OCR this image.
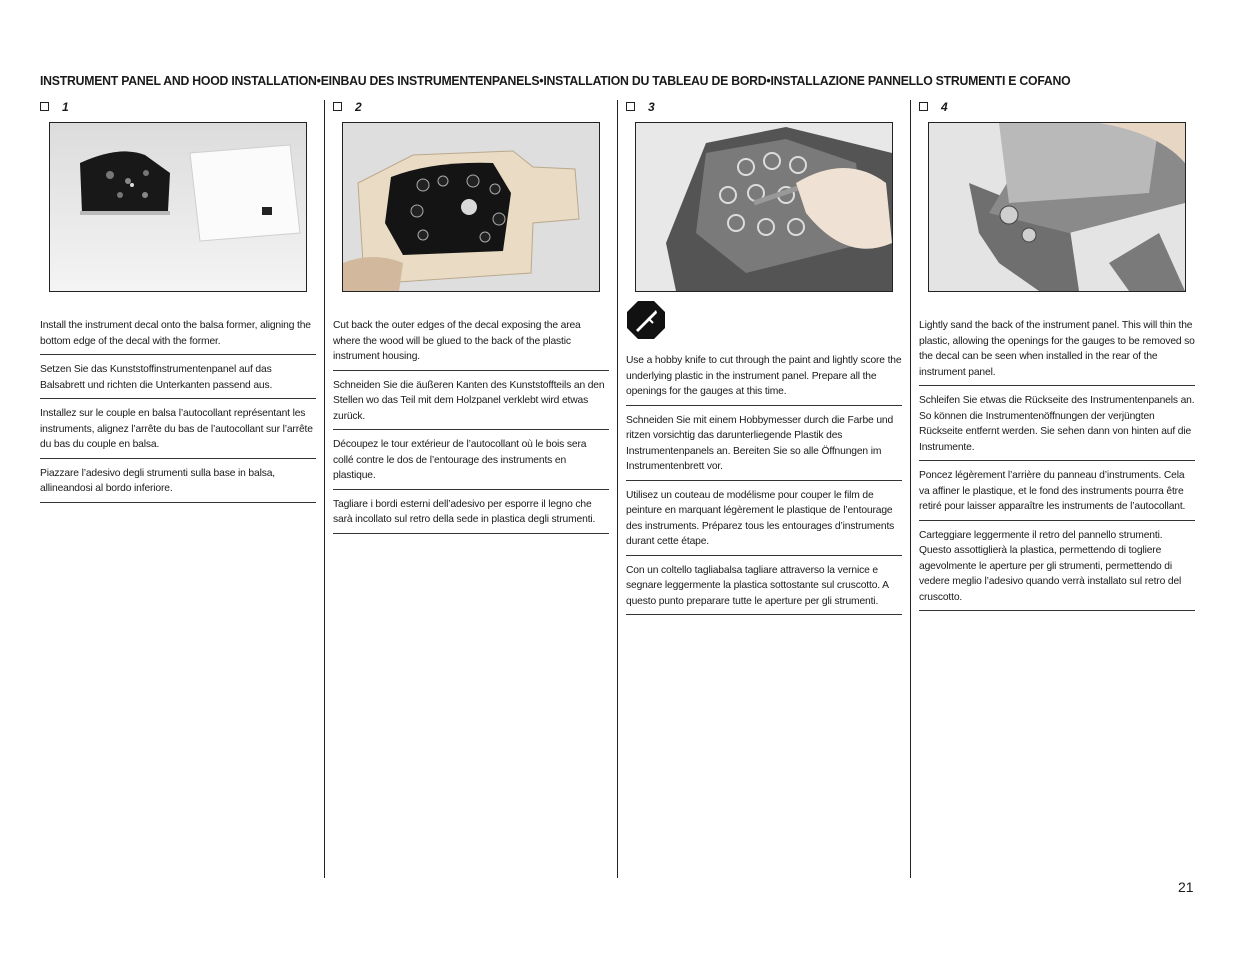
INSTRUMENT PANEL AND HOOD INSTALLATION•EINBAU DES INSTRUMENTENPANELS•INSTALLATION DU TABLEAU DE BORD•INSTALLAZIONE PANNELLO STRUMENTI E COFANO
1
Install the instrument decal onto the balsa former, aligning the bottom edge of the decal with the former.
Setzen Sie das Kunststoffinstrumentenpanel auf das Balsabrett und richten die Unterkanten passend aus.
Installez sur le couple en balsa l’autocollant représentant les instruments, alignez l’arrête du bas de l’autocollant sur l’arrête du bas du couple en balsa.
Piazzare l’adesivo degli strumenti sulla base in balsa, allineandosi al bordo inferiore.
2
Cut back the outer edges of the decal exposing the area where the wood will be glued to the back of the plastic instrument housing.
Schneiden Sie die äußeren Kanten des Kunststoffteils an den Stellen wo das Teil mit dem Holzpanel verklebt wird etwas zurück.
Découpez le tour extérieur de l’autocollant où le bois sera collé contre le dos de l’entourage des instruments en plastique.
Tagliare i bordi esterni dell’adesivo per esporre il legno che sarà incollato sul retro della sede in plastica degli strumenti.
3
Use a hobby knife to cut through the paint and lightly score the underlying plastic in the instrument panel. Prepare all the openings for the gauges at this time.
Schneiden Sie mit einem Hobbymesser durch die Farbe und ritzen vorsichtig das darunterliegende Plastik des Instrumentenpanels an. Bereiten Sie so alle Öffnungen im Instrumentenbrett vor.
Utilisez un couteau de modélisme pour couper le film de peinture en marquant légèrement le plastique de l’entourage des instruments. Préparez tous les entourages d’instruments durant cette étape.
Con un coltello tagliabalsa tagliare attraverso la vernice e segnare leggermente la plastica sottostante sul cruscotto. A questo punto preparare tutte le aperture per gli strumenti.
4
Lightly sand the back of the instrument panel. This will thin the plastic, allowing the openings for the gauges to be removed so the decal can be seen when installed in the rear of the instrument panel.
Schleifen Sie etwas die Rückseite des Instrumentenpanels an. So können die Instrumentenöffnungen der verjüngten Rückseite entfernt werden. Sie sehen dann von hinten auf die Instrumente.
Poncez légèrement l’arrière du panneau d’instruments. Cela va affiner le plastique, et le fond des instruments pourra être retiré pour laisser apparaître les instruments de l’autocollant.
Carteggiare leggermente il retro del pannello strumenti. Questo assottiglierà la plastica, permettendo di togliere agevolmente le aperture per gli strumenti, permettendo di vedere meglio l’adesivo quando verrà installato sul retro del cruscotto.
21
